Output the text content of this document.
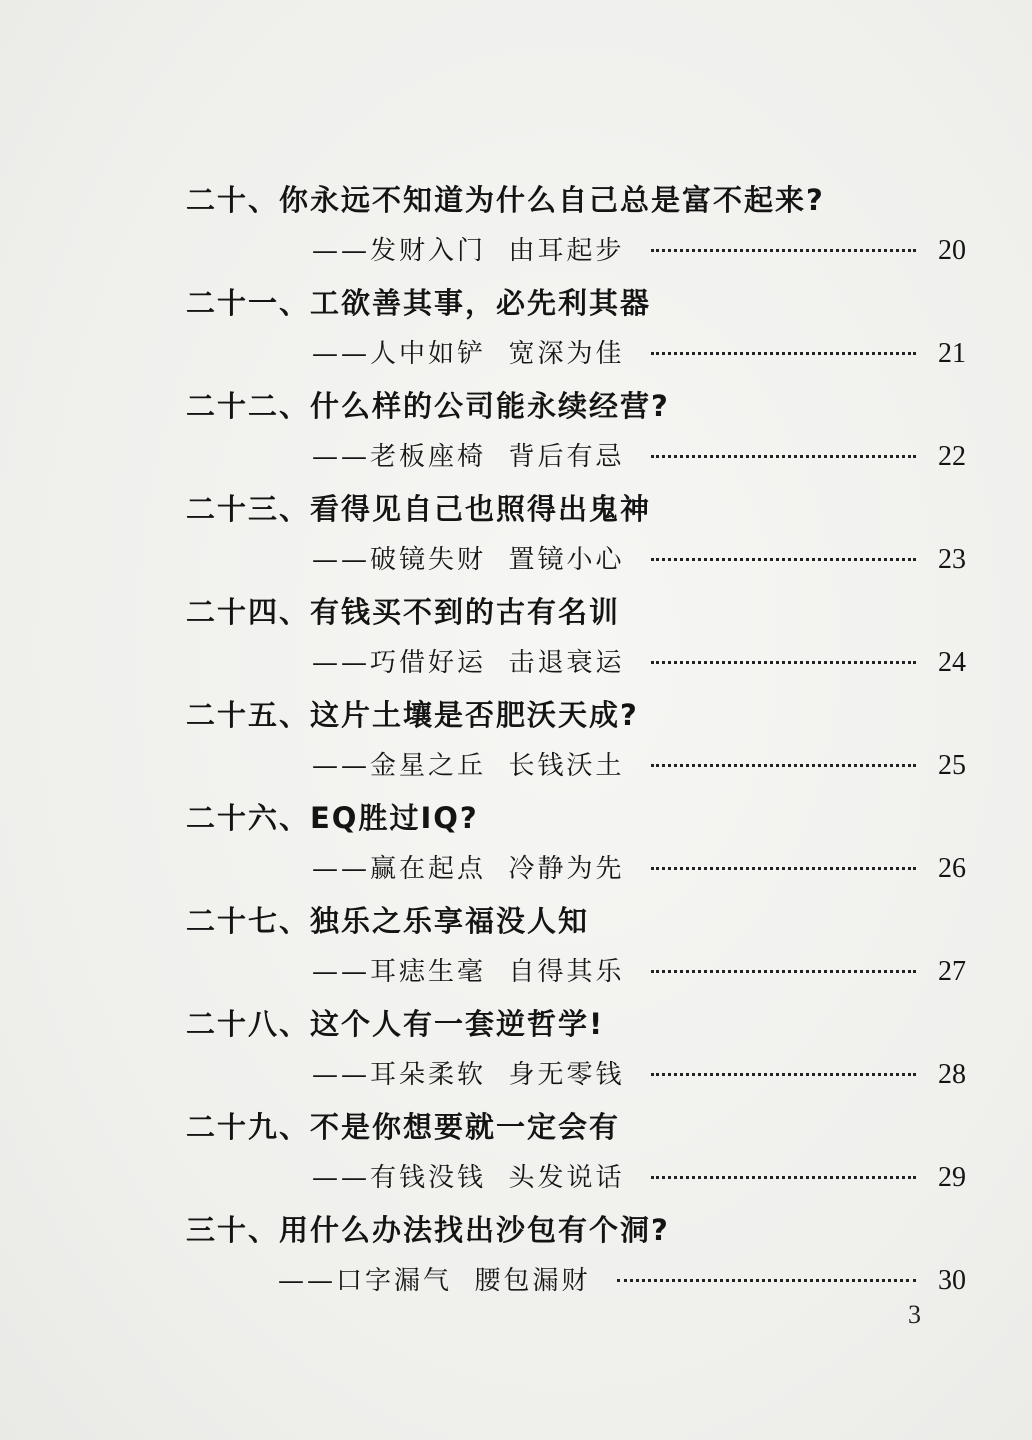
二十、你永远不知道为什么自己总是富不起来?
——发财入门  由耳起步	20
二十一、工欲善其事，必先利其器
——人中如铲  宽深为佳	21
二十二、什么样的公司能永续经营?
——老板座椅  背后有忌	22
二十三、看得见自己也照得出鬼神
——破镜失财  置镜小心	23
二十四、有钱买不到的古有名训
——巧借好运  击退衰运	24
二十五、这片土壤是否肥沃天成?
——金星之丘  长钱沃土	25
二十六、EQ胜过IQ?
——赢在起点  冷静为先	26
二十七、独乐之乐享福没人知
——耳痣生毫  自得其乐	27
二十八、这个人有一套逆哲学!
——耳朵柔软  身无零钱	28
二十九、不是你想要就一定会有
——有钱没钱  头发说话	29
三十、用什么办法找出沙包有个洞?
——口字漏气  腰包漏财	30
3
